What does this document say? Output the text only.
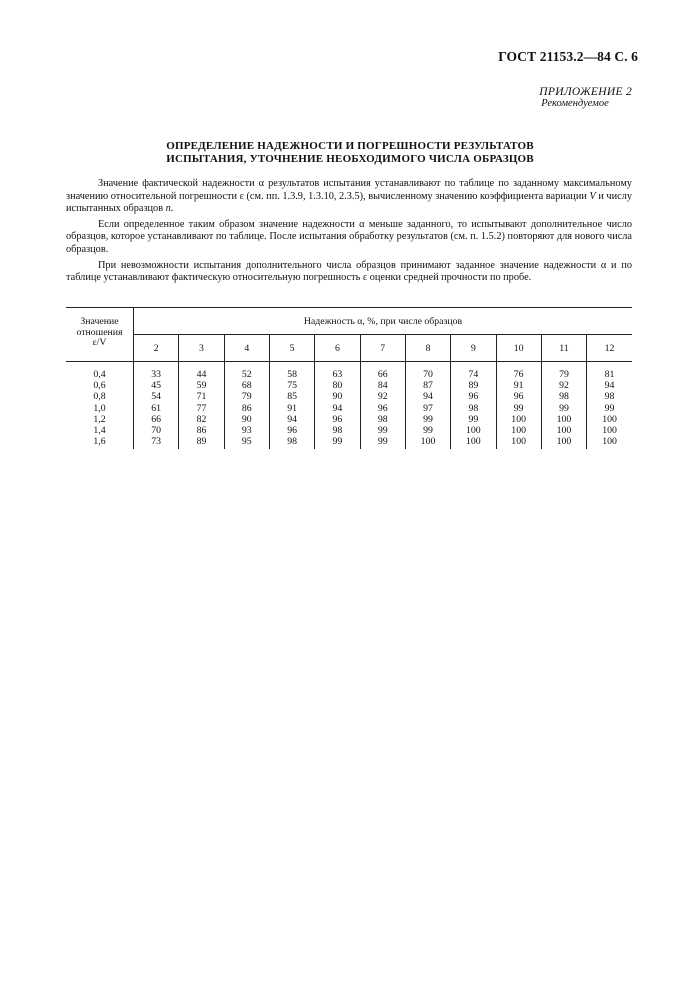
ГОСТ 21153.2—84 С. 6
ПРИЛОЖЕНИЕ 2
Рекомендуемое
ОПРЕДЕЛЕНИЕ НАДЕЖНОСТИ И ПОГРЕШНОСТИ РЕЗУЛЬТАТОВ
ИСПЫТАНИЯ, УТОЧНЕНИЕ НЕОБХОДИМОГО ЧИСЛА ОБРАЗЦОВ

Значение фактической надежности α результатов испытания устанавливают по таблице по заданному максимальному значению относительной погрешности ε (см. пп. 1.3.9, 1.3.10, 2.3.5), вычисленному значению коэффициента вариации V и числу испытанных образцов n.

Если определенное таким образом значение надежности α меньше заданного, то испытывают дополнительное число образцов, которое устанавливают по таблице. После испытания обработку результатов (см. п. 1.5.2) повторяют для нового числа образцов.

При невозможности испытания дополнительного числа образцов принимают заданное значение надежности α и по таблице устанавливают фактическую относительную погрешность ε оценки средней прочности по пробе.

Значение
отношения
ε/V	Надежность α, %, при числе образцов										
	2	3	4	5	6	7	8	9	10	11	12
0,4	33	44	52	58	63	66	70	74	76	79	81
0,6	45	59	68	75	80	84	87	89	91	92	94
0,8	54	71	79	85	90	92	94	96	96	98	98
1,0	61	77	86	91	94	96	97	98	99	99	99
1,2	66	82	90	94	96	98	99	99	100	100	100
1,4	70	86	93	96	98	99	99	100	100	100	100
1,6	73	89	95	98	99	99	100	100	100	100	100
